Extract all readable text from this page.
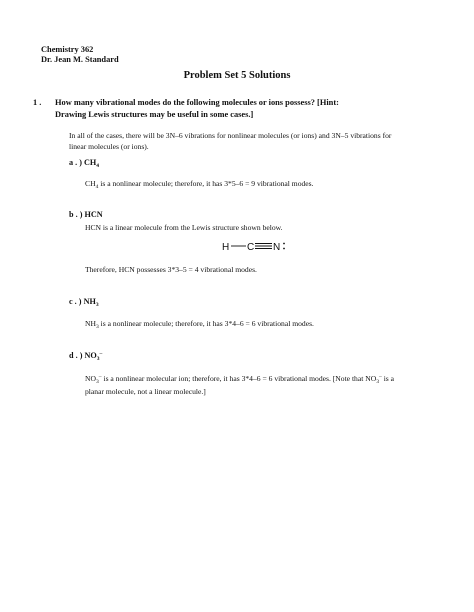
Chemistry 362
Dr. Jean M. Standard
Problem Set 5 Solutions
1 . How many vibrational modes do the following molecules or ions possess? [Hint:
Drawing Lewis structures may be useful in some cases.]
In all of the cases, there will be 3N–6 vibrations for nonlinear molecules (or ions) and 3N–5 vibrations for
linear molecules (or ions).
a . ) $CH_4$
$CH_4$ is a nonlinear molecule; therefore, it has 3*5–6 = 9 vibrational modes.
b . ) HCN
HCN is a linear molecule from the Lewis structure shown below.
H C N
Therefore, HCN possesses 3*3–5 = 4 vibrational modes.
c . ) $NH_3$
$NH_3$ is a nonlinear molecule; therefore, it has 3*4–6 = 6 vibrational modes.
d . ) $NO_3^-$
$NO_3^-$ is a nonlinear molecular ion; therefore, it has 3*4–6 = 6 vibrational modes. [Note that $NO_3^-$ is a
planar molecule, not a linear molecule.]
